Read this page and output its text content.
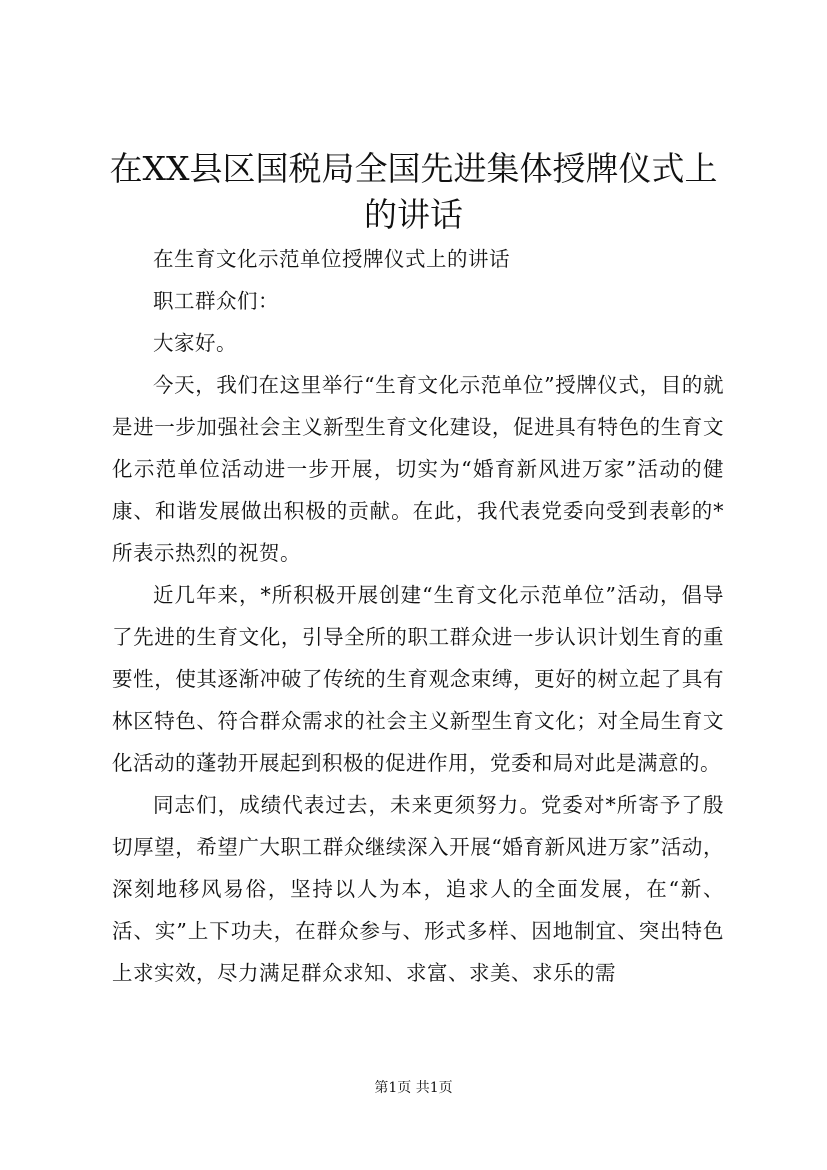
在XX县区国税局全国先进集体授牌仪式上的讲话

在生育文化示范单位授牌仪式上的讲话

职工群众们：

大家好。

今天，我们在这里举行“生育文化示范单位”授牌仪式，目的就是进一步加强社会主义新型生育文化建设，促进具有特色的生育文化示范单位活动进一步开展，切实为“婚育新风进万家”活动的健康、和谐发展做出积极的贡献。在此，我代表党委向受到表彰的*所表示热烈的祝贺。

近几年来，*所积极开展创建“生育文化示范单位”活动，倡导了先进的生育文化，引导全所的职工群众进一步认识计划生育的重要性，使其逐渐冲破了传统的生育观念束缚，更好的树立起了具有林区特色、符合群众需求的社会主义新型生育文化；对全局生育文化活动的蓬勃开展起到积极的促进作用，党委和局对此是满意的。

同志们，成绩代表过去，未来更须努力。党委对*所寄予了殷切厚望，希望广大职工群众继续深入开展“婚育新风进万家”活动，深刻地移风易俗，坚持以人为本，追求人的全面发展，在“新、活、实”上下功夫，在群众参与、形式多样、因地制宜、突出特色上求实效，尽力满足群众求知、求富、求美、求乐的需

第1页 共1页
